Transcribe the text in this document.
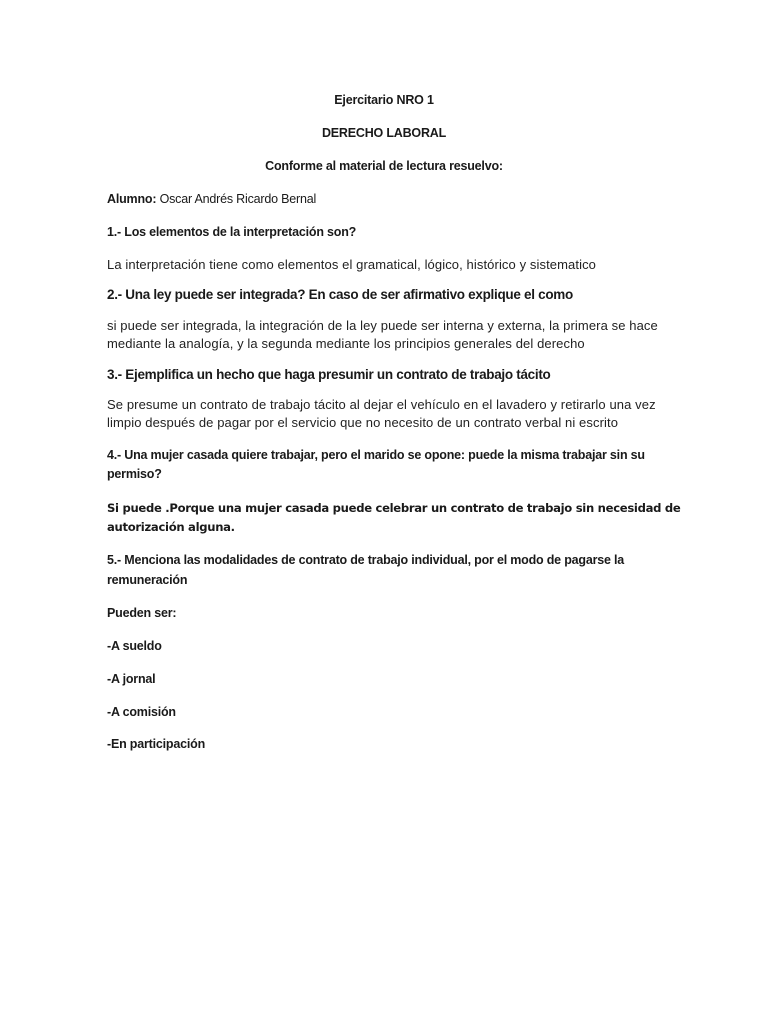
Ejercitario NRO 1
DERECHO LABORAL
Conforme al material de lectura resuelvo:
Alumno: Oscar Andrés Ricardo Bernal
1.- Los elementos de la interpretación son?
La interpretación tiene como elementos el gramatical, lógico, histórico y sistematico
2.- Una ley puede ser integrada? En caso de ser afirmativo explique el como
si puede ser integrada, la integración de la ley puede ser interna y externa, la primera se hace
mediante la analogía, y la segunda mediante los principios generales del derecho
3.- Ejemplifica un hecho que haga presumir un contrato de trabajo tácito
Se presume un contrato de trabajo tácito al dejar el vehículo en el lavadero y retirarlo una vez
limpio después de pagar por el servicio que no necesito de un contrato verbal ni escrito
4.- Una mujer casada quiere trabajar, pero el marido se opone: puede la misma trabajar sin su
permiso?
Si puede .Porque una mujer casada puede celebrar un contrato de trabajo sin necesidad de
autorización alguna.
5.- Menciona las modalidades de contrato de trabajo individual, por el modo de pagarse la
remuneración
Pueden ser:
-A sueldo
-A jornal
-A comisión
-En participación
